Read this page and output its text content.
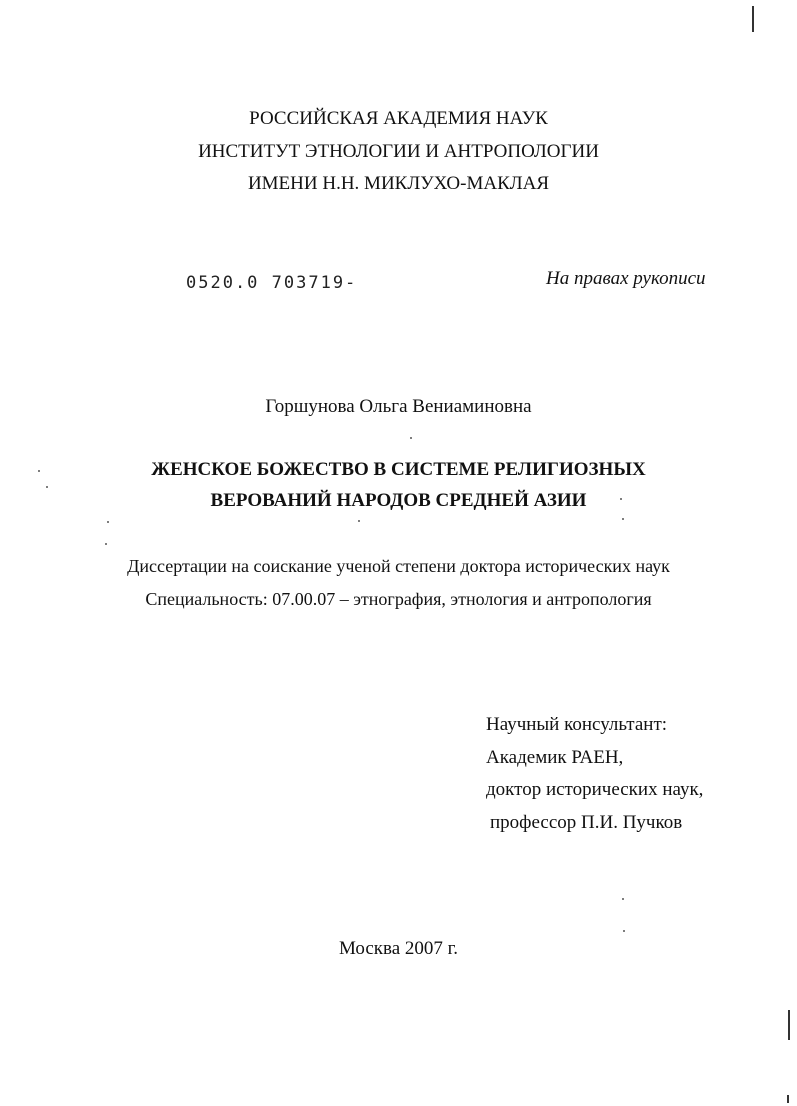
РОССИЙСКАЯ АКАДЕМИЯ НАУК
ИНСТИТУТ ЭТНОЛОГИИ И АНТРОПОЛОГИИ
ИМЕНИ Н.Н. МИКЛУХО-МАКЛАЯ
0520.0 703719-	На правах рукописи
Горшунова Ольга Вениаминовна
ЖЕНСКОЕ БОЖЕСТВО В СИСТЕМЕ РЕЛИГИОЗНЫХ
ВЕРОВАНИЙ НАРОДОВ СРЕДНЕЙ АЗИИ
Диссертации на соискание ученой степени доктора исторических наук
Специальность: 07.00.07 – этнография, этнология и антропология
Научный консультант:
Академик РАЕН,
доктор исторических наук,
профессор П.И. Пучков
Москва 2007 г.
